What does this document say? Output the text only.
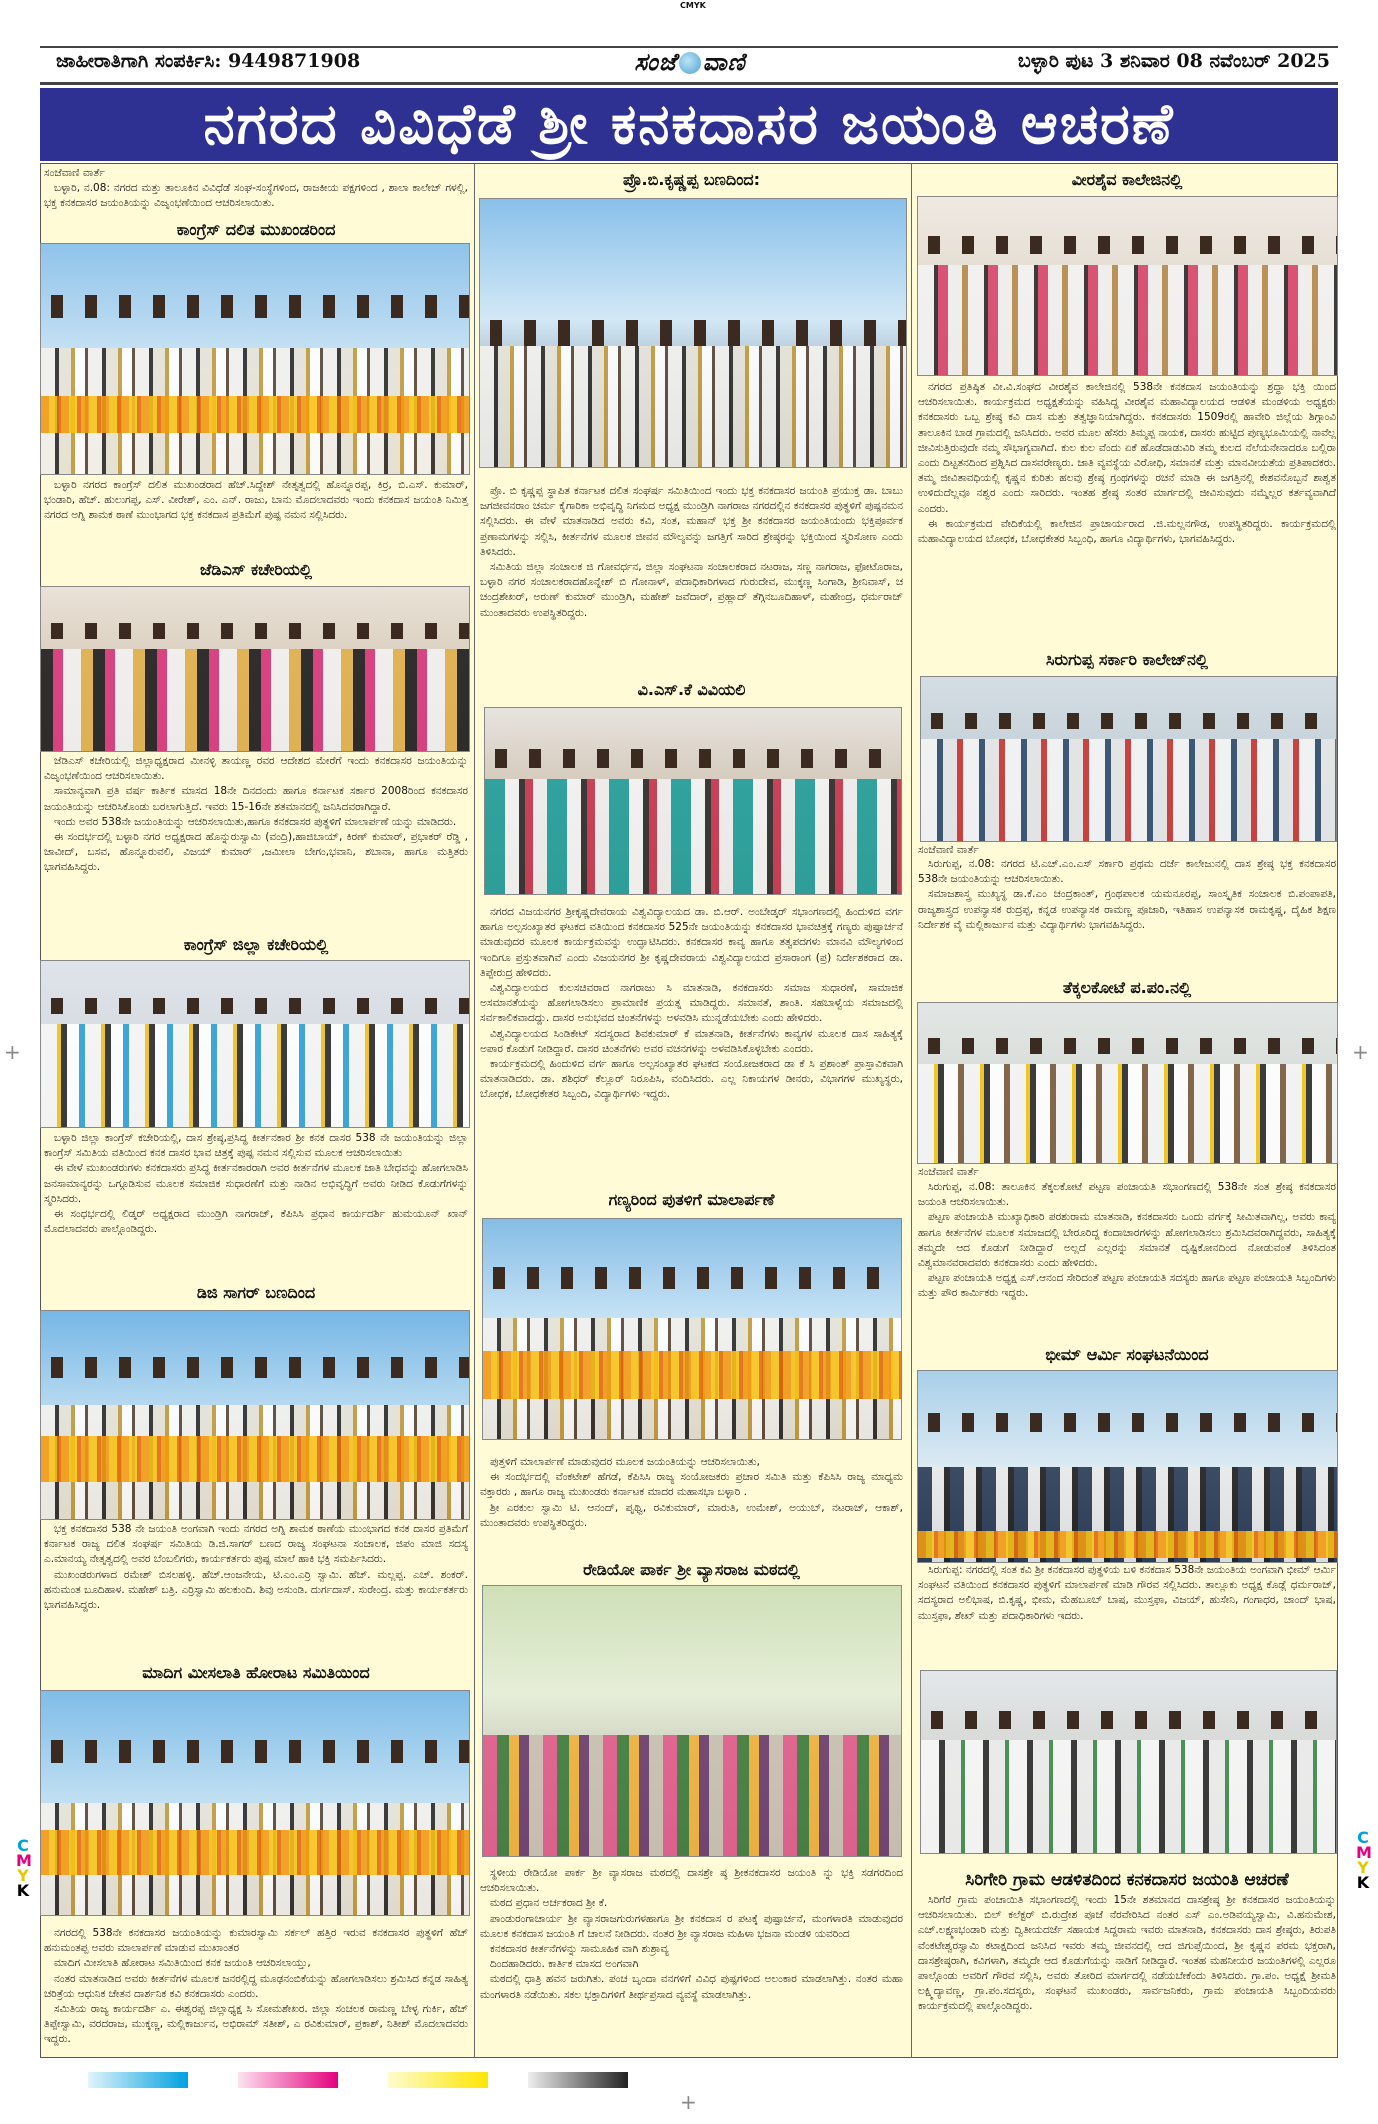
CMYK
C
M
Y
K
C
M
Y
K
+	+
+
ಜಾಹೀರಾತಿಗಾಗಿ ಸಂಪರ್ಕಿಸಿ: 9449871908	ಸಂಜೆ ವಾಣಿ	ಬಳ್ಳಾರಿ ಪುಟ 3 ಶನಿವಾರ 08 ನವೆಂಬರ್ 2025
ನಗರದ ವಿವಿಧೆಡೆ ಶ್ರೀ ಕನಕದಾಸರ ಜಯಂತಿ ಆಚರಣೆ
ಸಂಜೆವಾಣಿ ವಾರ್ತೆ

ಬಳ್ಳಾರಿ, ನ.08: ನಗರದ ಮತ್ತು ತಾಲೂಕಿನ ವಿವಿಧೆಡೆ ಸಂಘ-ಸಂಸ್ಥೆಗಳಿಂದ, ರಾಜಕೀಯ ಪಕ್ಷಗಳಿಂದ , ಶಾಲಾ ಕಾಲೇಜ್ ಗಳಲ್ಲಿ, ಭಕ್ತ ಕನಕದಾಸರ ಜಯಂತಿಯನ್ನು ವಿಜೃಂಭಣೆಯಿಂದ ಆಚರಿಸಲಾಯಿತು.

ಕಾಂಗ್ರೆಸ್ ದಲಿತ ಮುಖಂಡರಿಂದ

ಬಳ್ಳಾರಿ ನಗರದ ಕಾಂಗ್ರೆಸ್ ದಲಿತ ಮುಖಂಡರಾದ ಹೆಚ್.ಸಿದ್ದೇಶ್ ನೇತೃತ್ವದಲ್ಲಿ ಹೊನ್ನೂರಪ್ಪ, ಕಿರ್ರ, ಬಿ.ಎಸ್. ಕುಮಾರ್, ಭಂಡಾರಿ, ಹೆಚ್. ಹುಲುಗಪ್ಪ, ಎಸ್. ವೀರೇಶ್, ಎಂ. ಎನ್. ರಾಜು, ಬಾನು ಮೊದಲಾದವರು ಇಂದು ಕನಕದಾಸ ಜಯಂತಿ ನಿಮಿತ್ತ ನಗರದ ಅಗ್ನಿ ಶಾಮಕ ಠಾಣೆ ಮುಂಭಾಗದ ಭಕ್ತ ಕನಕದಾಸ ಪ್ರತಿಮೆಗೆ ಪುಷ್ಪ ನಮನ ಸಲ್ಲಿಸಿದರು.

ಜೆಡಿಎಸ್ ಕಚೇರಿಯಲ್ಲಿ

ಜೆಡಿಎಸ್ ಕಚೇರಿಯಲ್ಲಿ ಜಿಲ್ಲಾಧ್ಯಕ್ಷರಾದ ಮೀನಳ್ಳಿ ತಾಯಣ್ಣ ರವರ ಆದೇಶದ ಮೇರೆಗೆ ಇಂದು ಕನಕದಾಸರ ಜಯಂತಿಯನ್ನು ವಿಜೃಂಭಣೆಯಿಂದ ಆಚರಿಸಲಾಯಿತು.

ಸಾಮಾನ್ಯವಾಗಿ ಪ್ರತಿ ವರ್ಷ ಕಾರ್ತಿಕ ಮಾಸದ 18ನೇ ದಿನದಂದು ಹಾಗೂ ಕರ್ನಾಟಕ ಸರ್ಕಾರ 2008ರಿಂದ ಕನಕದಾಸರ ಜಯಂತಿಯನ್ನು ಆಚರಿಸಿಕೊಂಡು ಬರಲಾಗುತ್ತಿದೆ. ಇವರು 15-16ನೇ ಶತಮಾನದಲ್ಲಿ ಜನಿಸಿದವರಾಗಿದ್ದಾರೆ.

ಇಂದು ಅವರ 538ನೇ ಜಯಂತಿಯನ್ನು ಆಚರಿಸಲಾಯಿತು,ಹಾಗೂ ಕನಕದಾಸರ ಪುತ್ಥಳಿಗೆ ಮಾಲಾರ್ಪಣೆ ಯನ್ನು ಮಾಡಿದರು.

ಈ ಸಂದರ್ಭದಲ್ಲಿ ಬಳ್ಳಾರಿ ನಗರ ಅಧ್ಯಕ್ಷರಾದ ಹೊನ್ನುರುಸ್ವಾಮಿ (ವಂದ್ರಿ),ಹಾಜಿಬಾಯ್, ಕಿರಣ್ ಕುಮಾರ್, ಪ್ರಭಾಕರ್ ರೆಡ್ಡಿ , ಜಾವೀದ್, ಬಸವ, ಹೊನ್ನೂರುವಲಿ, ವಿಜಯ್ ಕುಮಾರ್ ,ಜಮೀಲಾ ಬೇಗಂ,ಭವಾನಿ, ಶಬಾನಾ, ಹಾಗೂ ಮತ್ತಿತರು ಭಾಗವಹಿಸಿದ್ದರು.

ಕಾಂಗ್ರೆಸ್ ಜಿಲ್ಲಾ ಕಚೇರಿಯಲ್ಲಿ

ಬಳ್ಳಾರಿ ಜಿಲ್ಲಾ ಕಾಂಗ್ರೆಸ್ ಕಚೇರಿಯಲ್ಲಿ, ದಾಸ ಶ್ರೇಷ್ಠ,ಪ್ರಸಿದ್ಧ ಕೀರ್ತನಕಾರ ಶ್ರೀ ಕನಕ ದಾಸರ 538 ನೇ ಜಯಂತಿಯನ್ನು ಜಿಲ್ಲಾ ಕಾಂಗ್ರೆಸ್ ಸಮಿತಿಯ ವತಿಯಿಂದ ಕನಕ ದಾಸರ ಭಾವ ಚಿತ್ರಕ್ಕೆ ಪುಷ್ಪ ನಮನ ಸಲ್ಲಿಸುವ ಮೂಲಕ ಆಚರಿಸಲಾಯಿತು

ಈ ವೇಳೆ ಮುಖಂಡರುಗಳು ಕನಕದಾಸರು ಪ್ರಸಿದ್ಧ ಕೀರ್ತನಕಾರರಾಗಿ ಅವರ ಕೀರ್ತನೆಗಳ ಮೂಲಕ ಜಾತಿ ಬೇಧವನ್ನು ಹೋಗಲಾಡಿಸಿ ಜನಸಾಮಾನ್ಯರನ್ನು ಒಗ್ಗೂಡಿಸುವ ಮೂಲಕ ಸಮಾಜಿಕ ಸುಧಾರಣೆಗೆ ಮತ್ತು ನಾಡಿನ ಅಭಿವೃದ್ಧಿಗೆ ಅವರು ನೀಡಿದ ಕೊಡುಗೆಗಳನ್ನು ಸ್ಮರಿಸಿದರು.

ಈ ಸಂಧರ್ಭದಲ್ಲಿ ಲಿಡ್ಕರ್ ಅಧ್ಯಕ್ಷರಾದ ಮುಂಡ್ರಿಗಿ ನಾಗರಾಜ್, ಕೆಪಿಸಿಸಿ ಪ್ರಧಾನ ಕಾರ್ಯದರ್ಶಿ ಹುಮಯೂನ್ ಖಾನ್ ಮೊದಲಾದವರು ಪಾಲ್ಗೊಂಡಿದ್ದರು.

ಡಿಜಿ ಸಾಗರ್ ಬಣದಿಂದ

ಭಕ್ತ ಕನಕದಾಸರ 538 ನೇ ಜಯಂತಿ ಅಂಗವಾಗಿ ಇಂದು ನಗರದ ಅಗ್ನಿ ಶಾಮಕ ಠಾಣೆಯ ಮುಂಭಾಗದ ಕನಕ ದಾಸರ ಪ್ರತಿಮೆಗೆ ಕರ್ನಾಟಕ ರಾಜ್ಯ ದಲಿತ ಸಂಘರ್ಷ ಸಮಿತಿಯ ಡಿ.ಜಿ.ಸಾಗರ್ ಬಣದ ರಾಜ್ಯ ಸಂಘಟನಾ ಸಂಚಾಲಕ, ಜಿಪಂ ಮಾಜಿ ಸದಸ್ಯ ಎ.ಮಾನಯ್ಯ ನೇತೃತ್ವದಲ್ಲಿ ಅವರ ಬೆಂಬಲಿಗರು, ಕಾರ್ಯಕರ್ತರು ಪುಷ್ಪ ಮಾಲೆ ಹಾಕಿ ಭಕ್ತಿ ಸಮರ್ಪಿಸಿದರು.

ಮುಖಂಡರುಗಳಾದ ರಮೇಶ್ ಬಿಸಲಹಳ್ಳಿ. ಹೆಚ್.ಆಂಜನೇಯ, ಟಿ.ಎಂ.ಎರ್ರಿ ಸ್ವಾಮಿ. ಹೆಚ್. ಮಲ್ಲಪ್ಪ. ಎಚ್. ಶಂಕರ್. ಹನುಮಂತ ಬೂದಿಹಾಳ. ಮಹೇಶ್ ಬತ್ರಿ. ಎರ್ರಿಸ್ವಾಮಿ ಹಲಕುಂದಿ. ಶಿವು ಅಸುಂಡಿ. ದುರ್ಗದಾಸ್. ಸುರೇಂದ್ರ. ಮತ್ತು ಕಾರ್ಯಕರ್ತರು ಭಾಗವಹಿಸಿದ್ದರು.

ಮಾದಿಗ ಮೀಸಲಾತಿ ಹೋರಾಟ ಸಮಿತಿಯಿಂದ

ನಗರದಲ್ಲಿ 538ನೇ ಕನಕದಾಸರ ಜಯಂತಿಯನ್ನು ಕುಮಾರಸ್ವಾಮಿ ಸರ್ಕಲ್ ಹತ್ತಿರ ಇರುವ ಕನಕದಾಸರ ಪುತ್ಥಳಿಗೆ ಹೆಚ್ ಹನುಮಂತಪ್ಪ ಅವರು ಮಾಲಾರ್ಪಣೆ ಮಾಡುವ ಮುಖಾಂತರ

ಮಾದಿಗ ಮೀಸಲಾತಿ ಹೋರಾಟ ಸಮಿತಿಯಿಂದ ಕನಕ ಜಯಂತಿ ಆಚರಿಸಲಾಯ್ತು,

ನಂತರ ಮಾತನಾಡಿದ ಅವರು ಕೀರ್ತನೆಗಳ ಮೂಲಕ ಜನರಲ್ಲಿದ್ದ ಮೂಢನಂಬಿಕೆಯನ್ನು ಹೋಗಲಾಡಿಸಲು ಶ್ರಮಿಸಿದ ಕನ್ನಡ ಸಾಹಿತ್ಯ ಚರಿತ್ರೆಯ ಆಧುನಿಕ ಚೇತನ ದಾರ್ಶನಿಕ ಕವಿ ಕನಕದಾಸರು ಎಂದರು.

ಸಮಿತಿಯ ರಾಜ್ಯ ಕಾರ್ಯದರ್ಶಿ ಎ. ಈಶ್ವರಪ್ಪ ಜಿಲ್ಲಾಧ್ಯಕ್ಷ ಸಿ ಸೋಮಶೇಖರ. ಜಿಲ್ಲಾ ಸಂಚಲಕ ರಾಮಣ್ಣ ಬೇಳ್ಳ ಗುರ್ಕಿ, ಹೆಚ್ ತಿಪ್ಪೇಸ್ವಾಮಿ, ವರದರಾಜ, ಮುಕ್ಕಣ್ಣ, ಮಲ್ಲಿಕಾರ್ಜುನ, ಅಭಿರಾಮ್ ಸತೀಶ್, ಎ ರವಿಕುಮಾರ್, ಪ್ರಕಾಶ್, ನಿತೀಶ್ ಮೊದಲಾದವರು ಇದ್ದರು.

ಪ್ರೊ.ಬಿ.ಕೃಷ್ಣಪ್ಪ ಬಣದಿಂದ:

ಪ್ರೊ. ಬಿ ಕೃಷ್ಣಪ್ಪ ಸ್ಥಾಪಿತ ಕರ್ನಾಟಕ ದಲಿತ ಸಂಘರ್ಷ ಸಮಿತಿಯಿಂದ ಇಂದು ಭಕ್ತ ಕನಕದಾಸರ ಜಯಂತಿ ಪ್ರಯುಕ್ತ ಡಾ. ಬಾಬು ಜಗಜೀವನರಾಂ ಚರ್ಮ ಕೈಗಾರಿಕಾ ಅಭಿವೃದ್ಧಿ ನಿಗಮದ ಅಧ್ಯಕ್ಷ ಮುಂಡ್ರಿಗಿ ನಾಗರಾಜ ನಗರದಲ್ಲಿನ ಕನಕದಾಸರ ಪುತ್ಥಳಿಗೆ ಪುಷ್ಪನಮನ ಸಲ್ಲಿಸಿದರು. ಈ ವೇಳೆ ಮಾತನಾಡಿದ ಅವರು ಕವಿ, ಸಂತ, ಮಹಾನ್ ಭಕ್ತ ಶ್ರೀ ಕನಕದಾಸರ ಜಯಂತಿಯಂದು ಭಕ್ತಿಪೂರ್ವಕ ಪ್ರಣಾಮಗಳನ್ನು ಸಲ್ಲಿಸಿ, ಕೀರ್ತನೆಗಳ ಮೂಲಕ ಜೀವನ ಮೌಲ್ಯವನ್ನು ಜಗತ್ತಿಗೆ ಸಾರಿದ ಶ್ರೇಷ್ಠರನ್ನು ಭಕ್ತಿಯಿಂದ ಸ್ಮರಿಸೋಣ ಎಂದು ತಿಳಿಸಿದರು.

ಸಮಿತಿಯ ಜಿಲ್ಲಾ ಸಂಚಾಲಕ ಜಿ ಗೋವರ್ಧನ, ಜಿಲ್ಲಾ ಸಂಘಟನಾ ಸಂಚಾಲಕರಾದ ನಟರಾಜ, ಸಣ್ಣ ನಾಗರಾಜ, ಫೋಟೊರಾಜ, ಬಳ್ಳಾರಿ ನಗರ ಸಂಚಾಲಕರಾದಹೊನ್ನೇಶ್ ಬಿ ಗೋನಾಳ್, ಪದಾಧಿಕಾರಿಗಳಾದ ಗುರುದೇವ, ಮುಕ್ಕಣ್ಣ ಸಿಂಗಾಡಿ, ಶ್ರೀನಿವಾಸ್, ಚ ಚಂದ್ರಶೇಖರ್, ಅರುಣ್ ಕುಮಾರ್ ಮುಂಡ್ರಿಗಿ, ಮಹೇಶ್ ಜವೆದಾರ್, ಪ್ರಹ್ಲಾದ್ ತೆಗ್ಗಿನಬೂದಿಹಾಳ್, ಮಹೇಂದ್ರ, ಧರ್ಮರಾಜ್ ಮುಂತಾದವರು ಉಪಸ್ಥಿತರಿದ್ದರು.

ವಿ.ಎಸ್.ಕೆ ವಿವಿಯಲಿ

ನಗರದ ವಿಜಯನಗರ ಶ್ರೀಕೃಷ್ಣದೇವರಾಯ ವಿಶ್ವವಿದ್ಯಾಲಯದ ಡಾ. ಬಿ.ಆರ್. ಅಂಬೇಡ್ಕರ್ ಸಭಾಂಗಣದಲ್ಲಿ ಹಿಂದುಳಿದ ವರ್ಗ ಹಾಗೂ ಅಲ್ಪಸಂಖ್ಯಾತರ ಘಟಕದ ವತಿಯಿಂದ ಕನಕದಾಸರ 525ನೇ ಜಯಂತಿಯನ್ನು ಕನಕದಾಸರ ಭಾವಚಿತ್ರಕ್ಕೆ ಗಣ್ಯರು ಪುಷ್ಪಾರ್ಚನೆ ಮಾಡುವುದರ ಮೂಲಕ ಕಾರ್ಯಕ್ರಮವನ್ನು ಉದ್ಘಾಟಿಸಿದರು. ಕನಕದಾಸರ ಕಾವ್ಯ ಹಾಗೂ ತತ್ವಪದಗಳು ಮಾನವಿ ಮೌಲ್ಯಗಳಿಂದ ಇಂದಿಗೂ ಪ್ರಸ್ತುತವಾಗಿವೆ ಎಂದು ವಿಜಯನಗರ ಶ್ರೀ ಕೃಷ್ಣದೇವರಾಯ ವಿಶ್ವವಿದ್ಯಾಲಯದ ಪ್ರಸಾರಾಂಗ (ಪ್ರ) ನಿರ್ದೇಶಕರಾದ ಡಾ. ತಿಪ್ಪೇರುದ್ರ ಹೇಳಿದರು.

ವಿಶ್ವವಿದ್ಯಾಲಯದ ಕುಲಸಚಿವರಾದ ನಾಗರಾಜು ಸಿ ಮಾತನಾಡಿ, ಕನಕದಾಸರು ಸಮಾಜ ಸುಧಾರಣೆ, ಸಾಮಾಜಿಕ ಅಸಮಾನತೆಯನ್ನು ಹೋಗಲಾಡಿಸಲು ಪ್ರಾಮಾಣಿಕ ಪ್ರಯತ್ನ ಮಾಡಿದ್ದರು. ಸಮಾನತೆ, ಶಾಂತಿ. ಸಹಬಾಳ್ವೆಯ ಸಮಾಜದಲ್ಲಿ ಸರ್ವಕಾಲಿಕವಾದದ್ದು. ದಾಸರ ಅನುಭವದ ಚಿಂತನೆಗಳನ್ನು ಅಳವಡಿಸಿ ಮುನ್ನಡೆಯಬೇಕು ಎಂದು ಹೇಳಿದರು.

ವಿಶ್ವವಿದ್ಯಾಲಯದ ಸಿಂಡಿಕೇಟ್ ಸದಸ್ಯರಾದ ಶಿವಕುಮಾರ್ ಕೆ ಮಾತನಾಡಿ, ಕೀರ್ತನೆಗಳು ಕಾವ್ಯಗಳ ಮೂಲಕ ದಾಸ ಸಾಹಿತ್ಯಕ್ಕೆ ಅಪಾರ ಕೊಡುಗೆ ನೀಡಿದ್ದಾರೆ. ದಾಸರ ಚಿಂತನೆಗಳು ಅವರ ವಚನಗಳನ್ನು ಅಳವಡಿಸಿಕೊಳ್ಳಬೇಕು ಎಂದರು.

ಕಾರ್ಯಕ್ರಮದಲ್ಲಿ ಹಿಂದುಳಿದ ವರ್ಗ ಹಾಗೂ ಅಲ್ಪಸಂಖ್ಯಾತರ ಘಟಕದ ಸಂಯೋಜಕರಾದ ಡಾ ಕೆ ಸಿ ಪ್ರಶಾಂತ್ ಪ್ರಾಸ್ತಾವಿಕವಾಗಿ ಮಾತನಾಡಿದರು. ಡಾ. ಶಶಿಧರ್ ಕೆಲ್ಲೂರ್ ನಿರೂಪಿಸಿ, ವಂದಿಸಿದರು. ಎಲ್ಲ ನಿಕಾಯಗಳ ಡೀನರು, ವಿಭಾಗಗಳ ಮುಖ್ಯಸ್ಥರು, ಬೋಧಕ, ಬೋಧಕೇತರ ಸಿಬ್ಬಂದಿ, ವಿದ್ಯಾರ್ಥಿಗಳು ಇದ್ದರು.

ಗಣ್ಯರಿಂದ ಪುತಳಿಗೆ ಮಾಲಾರ್ಪಣೆ

ಪುತ್ತಳಿಗೆ ಮಾಲಾರ್ಪಣೆ ಮಾಡುವುದರ ಮೂಲಕ ಜಯಂತಿಯನ್ನು ಆಚರಿಸಲಾಯಿತು,

ಈ ಸಂದರ್ಭದಲ್ಲಿ ವೆಂಕಟೇಶ್ ಹೆಗಡೆ, ಕೆಪಿಸಿಸಿ ರಾಜ್ಯ ಸಂಯೋಜಕರು ಪ್ರಚಾರ ಸಮಿತಿ ಮತ್ತು ಕೆಪಿಸಿಸಿ ರಾಜ್ಯ ಮಾಧ್ಯಮ ವಕ್ತಾರರು , ಹಾಗೂ ರಾಜ್ಯ ಮುಖಂಡರು ಕರ್ನಾಟಕ ಮಾದರ ಮಹಾಸಭಾ ಬಳ್ಳಾರಿ .

ಶ್ರೀ ಎರಕುಲ ಸ್ವಾಮಿ ಟಿ. ಆನಂದ್, ಪೃಥ್ವಿ, ರವಿಕುಮಾರ್, ಮಾರುತಿ, ಉಮೇಶ್, ಅಯುಬ್, ನಟರಾಜ್, ಆಕಾಶ್, ಮುಂತಾದವರು ಉಪಸ್ಥಿತರಿದ್ದರು.

ರೇಡಿಯೋ ಪಾರ್ಕ ಶ್ರೀ ವ್ಯಾಸರಾಜ ಮಠದಲ್ಲಿ

ಸ್ಥಳೀಯ ರೇಡಿಯೋ ಪಾರ್ಕ ಶ್ರೀ ವ್ಯಾಸರಾಜ ಮಠದಲ್ಲಿ ದಾಸಶ್ರೇ ಷ್ಠ ಶ್ರೀಕನಕದಾಸರ ಜಯಂತಿ ನ್ನು ಭಕ್ತಿ ಸಡಗರದಿಂದ ಆಚರಿಸಲಾಯಿತು.

ಮಠದ ಪ್ರಧಾನ ಅರ್ಚಕರಾದ ಶ್ರೀ ಕೆ.

ಪಾಂಡುರಂಗಾಚಾರ್ಯ ಶ್ರೀ ವ್ಯಾಸರಾಜಗುರುಗಳಹಾಗೂ ಶ್ರೀ ಕನಕದಾಸ ರ ಪಟಕ್ಕೆ ಪುಷ್ಪಾರ್ಚನೆ, ಮಂಗಳಾರತಿ ಮಾಡುವುದರ ಮೂಲಕ ಕನಕದಾಸ ಜಯಂತಿ ಗೆ ಚಾಲನೆ ನೀಡಿದರು. ನಂತರ ಶ್ರೀ ವ್ಯಾಸರಾಜ ಮಹಿಳಾ ಭಜನಾ ಮಂಡಳಿ ಯವರಿಂದ

ಕನಕದಾಸರ ಕೀರ್ತನೆಗಳನ್ನು ಸಾಮೂಹಿಕ ವಾಗಿ ಶುಶ್ರಾವ್ಯ

ದಿಂದಹಾಡಿದರು. ಕಾರ್ತಿಕ ಮಾಸದ ಅಂಗವಾಗಿ

ಮಠದಲ್ಲಿ ಧಾತ್ರಿ ಹವನ ಜರುಗಿತು. ಪಂಚ ಬೃಂದಾ ವನಗಳಿಗೆ ವಿವಿಧ ಪುಷ್ಪಗಳಿಂದ ಅಲಂಕಾರ ಮಾಡಲಾಗಿತ್ತು. ನಂತರ ಮಹಾ ಮಂಗಳಾರತಿ ನಡೆಯಿತು. ಸಕಲ ಭಕ್ತಾದಿಗಳಿಗೆ ತೀರ್ಥಪ್ರಸಾದ ವ್ಯವಸ್ಥೆ ಮಾಡಲಾಗಿತ್ತು.

ವೀರಶೈವ ಕಾಲೇಜಿನಲ್ಲಿ

ನಗರದ ಪ್ರತಿಷ್ಠಿತ ವೀ.ವಿ.ಸಂಘದ ವೀರಶೈವ ಕಾಲೇಜಿನಲ್ಲಿ 538ನೇ ಕನಕದಾಸ ಜಯಂತಿಯನ್ನು ಶ್ರದ್ಧಾ ಭಕ್ತಿ ಯಿಂದ ಆಚರಿಸಲಾಯಿತು. ಕಾರ್ಯಕ್ರಮದ ಅಧ್ಯಕ್ಷತೆಯನ್ನು ವಹಿಸಿದ್ದ ವೀರಶೈವ ಮಹಾವಿದ್ಯಾಲಯದ ಆಡಳಿತ ಮಂಡಳಿಯ ಅಧ್ಯಕ್ಷರು ಕನಕದಾಸರು ಒಬ್ಬ ಶ್ರೇಷ್ಠ ಕವಿ ದಾಸ ಮತ್ತು ತತ್ವಜ್ಞಾನಿಯಾಗಿದ್ದರು. ಕನಕದಾಸರು 1509ರಲ್ಲಿ ಹಾವೇರಿ ಜಿಲ್ಲೆಯ ಶಿಗ್ಗಾಂವಿ ತಾಲೂಕಿನ ಬಾಡ ಗ್ರಾಮದಲ್ಲಿ ಜನಿಸಿದರು. ಅವರ ಮೂಲ ಹೆಸರು ತಿಮ್ಮಪ್ಪ ನಾಯಕ, ದಾಸರು ಹುಟ್ಟಿದ ಪುಣ್ಯಭೂಮಿಯಲ್ಲಿ ನಾವೆಲ್ಲ ಜೀವಿಸುತ್ತಿರುವುದೇ ನಮ್ಮ ಸೌಭಾಗ್ಯವಾಗಿದೆ. ಕುಲ ಕುಲ ವೆಂದು ಏಕೆ ಹೊಡೆದಾಡುವಿರಿ ತಮ್ಮ ಕುಲದ ನೆಲೆಯನೇನಾದರೂ ಬಲ್ಲಿರಾ ಎಂದು ದಿಟ್ಟತನದಿಂದ ಪ್ರಶ್ನಿಸಿದ ದಾಸವರೇಣ್ಯರು. ಜಾತಿ ವ್ಯವಸ್ಥೆಯ ವಿರೋಧಿ, ಸಮಾನತೆ ಮತ್ತು ಮಾನವೀಯತೆಯ ಪ್ರತಿಪಾದಕರು. ತಮ್ಮ ಜೀವಿತಾವಧಿಯಲ್ಲಿ ಕೃಷ್ಣನ ಕುರಿತು ಹಲವು ಶ್ರೇಷ್ಠ ಗ್ರಂಥಗಳನ್ನು ರಚನೆ ಮಾಡಿ ಈ ಜಗತ್ತಿನಲ್ಲಿ ಕೇಶವನೊಬ್ಬನೆ ಶಾಶ್ವತ ಉಳಿದುದೆಲ್ಲವೂ ನಶ್ವರ ಎಂದು ಸಾರಿದರು. ಇಂತಹ ಶ್ರೇಷ್ಠ ಸಂತರ ಮಾರ್ಗದಲ್ಲಿ ಜೀವಿಸುವುದು ನಮ್ಮೆಲ್ಲರ ಕರ್ತವ್ಯವಾಗಿದೆ ಎಂದರು.

ಈ ಕಾರ್ಯಕ್ರಮದ ವೇದಿಕೆಯಲ್ಲಿ ಕಾಲೇಜಿನ ಪ್ರಾಚಾರ್ಯರಾದ .ಜಿ.ಮಲ್ಲನಗೌಡ, ಉಪಸ್ಥಿತರಿದ್ದರು. ಕಾರ್ಯಕ್ರಮದಲ್ಲಿ ಮಹಾವಿದ್ಯಾಲಯದ ಬೋಧಕ, ಬೋಧಕೇತರ ಸಿಬ್ಬಂಧಿ, ಹಾಗೂ ವಿದ್ಯಾರ್ಥಿಗಳು, ಭಾಗವಹಿಸಿದ್ದರು.

ಸಿರುಗುಪ್ಪ ಸರ್ಕಾರಿ ಕಾಲೇಜ್‌ನಲ್ಲಿ
ಸಂಜೆವಾಣಿ ವಾರ್ತೆ

ಸಿರುಗುಪ್ಪ, ನ.08: ನಗರದ ಟಿ.ಎಚ್.ಎಂ.ಎಸ್ ಸರ್ಕಾರಿ ಪ್ರಥಮ ದರ್ಜೆ ಕಾಲೇಜುನಲ್ಲಿ ದಾಸ ಶ್ರೇಷ್ಠ ಭಕ್ತ ಕನಕದಾಸರ 538ನೇ ಜಯಂತಿಯನ್ನು ಆಚರಿಸಲಾಯಿತು.

ಸಮಾಜಶಾಸ್ತ್ರ ಮುಖ್ಯಸ್ಥ ಡಾ.ಕೆ.ಎಂ ಚಂದ್ರಕಾಂತ್, ಗ್ರಂಥಪಾಲಕ ಯಮನೂರಪ್ಪ, ಸಾಂಸ್ಕೃತಿಕ ಸಂಚಾಲಕ ಬಿ.ಪಂಪಾಪತಿ, ರಾಜ್ಯಶಾಸ್ತ್ರದ ಉಪನ್ಯಾಸಕ ರುದ್ರಪ್ಪ, ಕನ್ನಡ ಉಪನ್ಯಾಸಕ ರಾಮಣ್ಣ ಪೂಜಾರಿ, ಇತಿಹಾಸ ಉಪನ್ಯಾಸಕ ರಾಮಕೃಷ್ಣ, ದೈಹಿಕ ಶಿಕ್ಷಣ ನಿರ್ದೇಶಕ ವೈ ಮಲ್ಲಿಕಾರ್ಜುನ ಮತ್ತು ವಿದ್ಯಾರ್ಥಿಗಳು ಭಾಗವಹಿಸಿದ್ದರು.

ತೆಕ್ಕಲಕೋಟೆ ಪ.ಪಂ.ನಲ್ಲಿ
ಸಂಜೆವಾಣಿ ವಾರ್ತೆ

ಸಿರುಗುಪ್ಪ, ನ.08: ತಾಲೂಕಿನ ತೆಕ್ಕಲಕೋಟೆ ಪಟ್ಟಣ ಪಂಚಾಯತಿ ಸಭಾಂಗಣದಲ್ಲಿ 538ನೇ ಸಂತ ಶ್ರೇಷ್ಠ ಕನಕದಾಸರ ಜಯಂತಿ ಆಚರಿಸಲಾಯಿತು.

ಪಟ್ಟಣ ಪಂಚಾಯತಿ ಮುಖ್ಯಾಧಿಕಾರಿ ಪರಶುರಾಮ ಮಾತನಾಡಿ, ಕನಕದಾಸರು ಒಂದು ವರ್ಗಕ್ಕೆ ಸೀಮಿತವಾಗಿಲ್ಲ, ಅವರು ಕಾವ್ಯ ಹಾಗೂ ಕೀರ್ತನೆಗಳ ಮೂಲಕ ಸಮಾಜದಲ್ಲಿ ಬೇರೂರಿದ್ದ ಕಂದಾಚಾರಗಳನ್ನು ಹೋಗಲಾಡಿಸಲು ಶ್ರಮಿಸಿದವರಾಗಿದ್ದವರು, ಸಾಹಿತ್ಯಕ್ಕೆ ತಮ್ಮದೇ ಆದ ಕೊಡುಗೆ ನೀಡಿದ್ದಾರೆ ಅಲ್ಲದೆ ಎಲ್ಲರನ್ನು ಸಮಾನತೆ ದೃಷ್ಟಿಕೋನದಿಂದ ನೋಡುವಂತೆ ತಿಳಿಸಿದಂತ ವಿಶ್ವಮಾನವರಾದವರು ಕನಕದಾಸರು ಎಂದು ಹೇಳಿದರು.

ಪಟ್ಟಣ ಪಂಚಾಯತಿ ಅಧ್ಯಕ್ಷ ಎಸ್.ಆನಂದ ಸೇರಿದಂತೆ ಪಟ್ಟಣ ಪಂಚಾಯತಿ ಸದಸ್ಯರು ಹಾಗೂ ಪಟ್ಟಣ ಪಂಚಾಯತಿ ಸಿಬ್ಬಂದಿಗಳು ಮತ್ತು ಪೌರ ಕಾರ್ಮಿಕರು ಇದ್ದರು.

ಭೀಮ್ ಆರ್ಮಿ ಸಂಘಟನೆಯಿಂದ

ಸಿರುಗುಪ್ಪ: ನಗರದಲ್ಲಿ ಸಂತ ಕವಿ ಶ್ರೀ ಕನಕದಾಸರ ಪುತ್ಥಳಿಯ ಬಳಿ ಕನಕದಾಸ 538ನೇ ಜಯಂತಿಯ ಅಂಗವಾಗಿ ಭೀಮ್ ಆರ್ಮಿ ಸಂಘಟನೆ ವತಿಯಿಂದ ಕನಕದಾಸರ ಪುತ್ಥಳಿಗೆ ಮಾಲಾರ್ಪಣೆ ಮಾಡಿ ಗೌರವ ಸಲ್ಲಿಸಿದರು. ತಾಲ್ಲೂಕು ಅಧ್ಯಕ್ಷ ಕೊಡ್ಲೆ ಧರ್ಮರಾಜ್, ಸದಸ್ಯರಾದ ಅಲಿಭಾಷ, ಬಿ.ಕೃಷ್ಣ, ಭೀಮ, ಮೆಹಬೂಬ್ ಬಾಷ, ಮುಸ್ತಫಾ, ವಿಜಯ್, ಹುಸೇನಿ, ಗಂಗಾಧರ, ಚಾಂದ್ ಭಾಷ, ಮುಸ್ತಫಾ, ಶೇಖ್ ಮತ್ತು ಪದಾಧಿಕಾರಿಗಳು ಇದರು.

ಸಿರಿಗೇರಿ ಗ್ರಾಮ ಆಡಳಿತದಿಂದ ಕನಕದಾಸರ ಜಯಂತಿ ಆಚರಣೆ

ಸಿರಿಗೆರೆ ಗ್ರಾಮ ಪಂಚಾಯಿತಿ ಸಭಾಂಗಣದಲ್ಲಿ ಇಂದು 15ನೇ ಶತಮಾನದ ದಾಸಶ್ರೇಷ್ಠ ಶ್ರೀ ಕನಕದಾಸರ ಜಯಂತಿಯನ್ನು ಆಚರಿಸಲಾಯಿತು. ಬಿಲ್ ಕಲೆಕ್ಟರ್ ಬಿ.ರುದ್ರೇಶ ಪೂಜೆ ನೆರವೇರಿಸಿದ ನಂತರ ಎಸ್ ಎಂ.ಅಡಿವಯ್ಯಸ್ವಾಮಿ, ವಿ.ಹನುಮೇಶ, ಎಚ್.ಲಕ್ಷ್ಮಣಭಂಡಾರಿ ಮತ್ತು ದ್ವಿತೀಯದರ್ಜೆ ಸಹಾಯಕ ಸಿದ್ದರಾಮ ಇವರು ಮಾತನಾಡಿ, ಕನಕದಾಸರು ದಾಸ ಶ್ರೇಷ್ಠರು, ತಿರುಪತಿ ವೆಂಕಟೇಶ್ವರಸ್ವಾಮಿ ಕಟಾಕ್ಷದಿಂದ ಜನಿಸಿದ ಇವರು ತಮ್ಮ ಜೀವನದಲ್ಲಿ ಆದ ಜಿಗುಪ್ಸೆಯಿಂದ, ಶ್ರೀ ಕೃಷ್ಣನ ಪರಮ ಭಕ್ತರಾಗಿ, ದಾಸಶ್ರೇಷ್ಠರಾಗಿ, ಕವಿಗಳಾಗಿ, ತಮ್ಮದೇ ಆದ ಕೊಡುಗೆಯನ್ನು ನಾಡಿಗೆ ನೀಡಿದ್ದಾರೆ. ಇಂತಹ ಮಹನೀಯರ ಜಯಂತಿಗಳಲ್ಲಿ ಎಲ್ಲರೂ ಪಾಲ್ಗೊಂಡು ಅವರಿಗೆ ಗೌರವ ಸಲ್ಲಿಸಿ, ಅವರು ತೋರಿದ ಮಾರ್ಗದಲ್ಲಿ ನಡೆಯಬೇಕೆಂದು ತಿಳಿಸಿದರು. ಗ್ರಾ.ಪಂ. ಅಧ್ಯಕ್ಷೆ ಶ್ರೀಮತಿ ಲಕ್ಷ್ಮಿದ್ಯಾವಣ್ಣ, ಗ್ರಾ.ಪಂ.ಸದಸ್ಯರು, ಸಂಘಟನೆ ಮುಖಂಡರು, ಸಾರ್ವಜನಿಕರು, ಗ್ರಾಮ ಪಂಚಾಯತಿ ಸಿಬ್ಬಂದಿಯವರು ಕಾರ್ಯಕ್ರಮದಲ್ಲಿ ಪಾಲ್ಗೊಂಡಿದ್ದರು.
